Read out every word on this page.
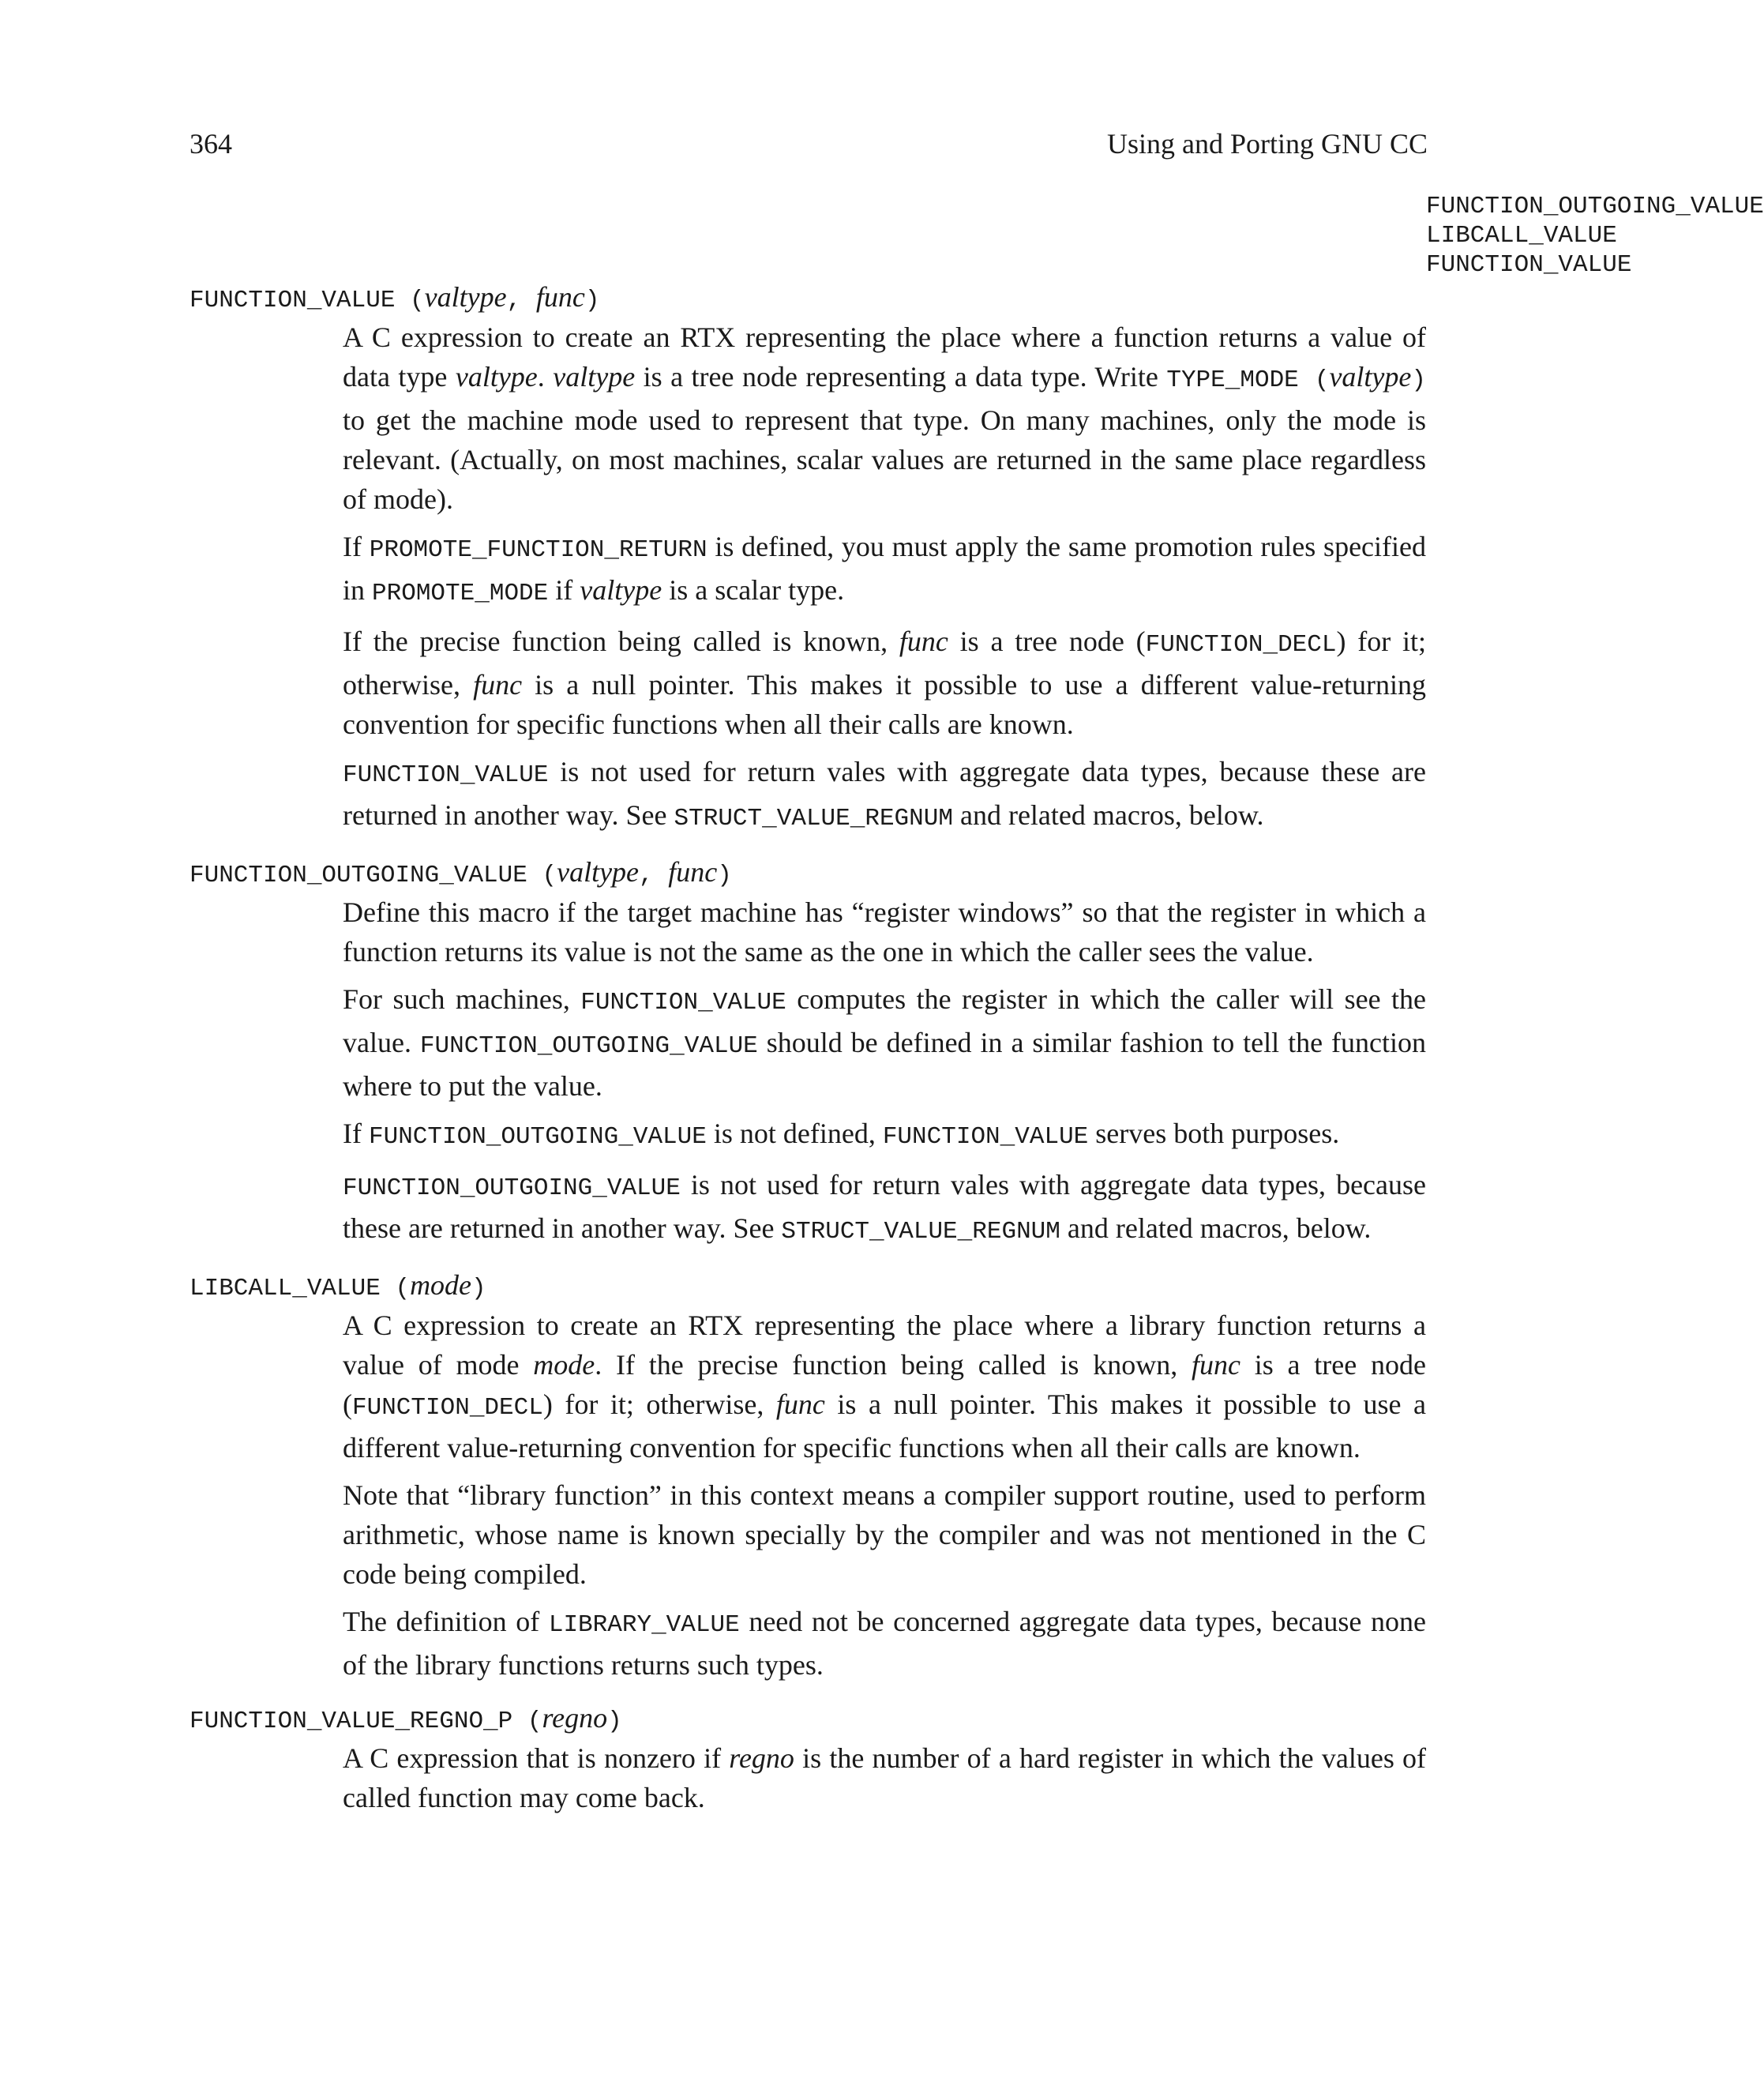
364	Using and Porting GNU CC
FUNCTION_OUTGOING_VALUE
LIBCALL_VALUE
FUNCTION_VALUE
FUNCTION_VALUE (valtype, func)

A C expression to create an RTX representing the place where a function returns a value of data type valtype. valtype is a tree node representing a data type. Write TYPE_MODE (valtype) to get the machine mode used to represent that type. On many machines, only the mode is relevant. (Actually, on most machines, scalar values are returned in the same place regardless of mode).

If PROMOTE_FUNCTION_RETURN is defined, you must apply the same promotion rules specified in PROMOTE_MODE if valtype is a scalar type.

If the precise function being called is known, func is a tree node (FUNCTION_DECL) for it; otherwise, func is a null pointer. This makes it possible to use a different value-returning convention for specific functions when all their calls are known.

FUNCTION_VALUE is not used for return vales with aggregate data types, because these are returned in another way. See STRUCT_VALUE_REGNUM and related macros, below.

FUNCTION_OUTGOING_VALUE (valtype, func)

Define this macro if the target machine has “register windows” so that the register in which a function returns its value is not the same as the one in which the caller sees the value.

For such machines, FUNCTION_VALUE computes the register in which the caller will see the value. FUNCTION_OUTGOING_VALUE should be defined in a similar fashion to tell the function where to put the value.

If FUNCTION_OUTGOING_VALUE is not defined, FUNCTION_VALUE serves both purposes.

FUNCTION_OUTGOING_VALUE is not used for return vales with aggregate data types, because these are returned in another way. See STRUCT_VALUE_REGNUM and related macros, below.

LIBCALL_VALUE (mode)

A C expression to create an RTX representing the place where a library function returns a value of mode mode. If the precise function being called is known, func is a tree node (FUNCTION_DECL) for it; otherwise, func is a null pointer. This makes it possible to use a different value-returning convention for specific functions when all their calls are known.

Note that “library function” in this context means a compiler support routine, used to perform arithmetic, whose name is known specially by the compiler and was not mentioned in the C code being compiled.

The definition of LIBRARY_VALUE need not be concerned aggregate data types, because none of the library functions returns such types.

FUNCTION_VALUE_REGNO_P (regno)

A C expression that is nonzero if regno is the number of a hard register in which the values of called function may come back.
